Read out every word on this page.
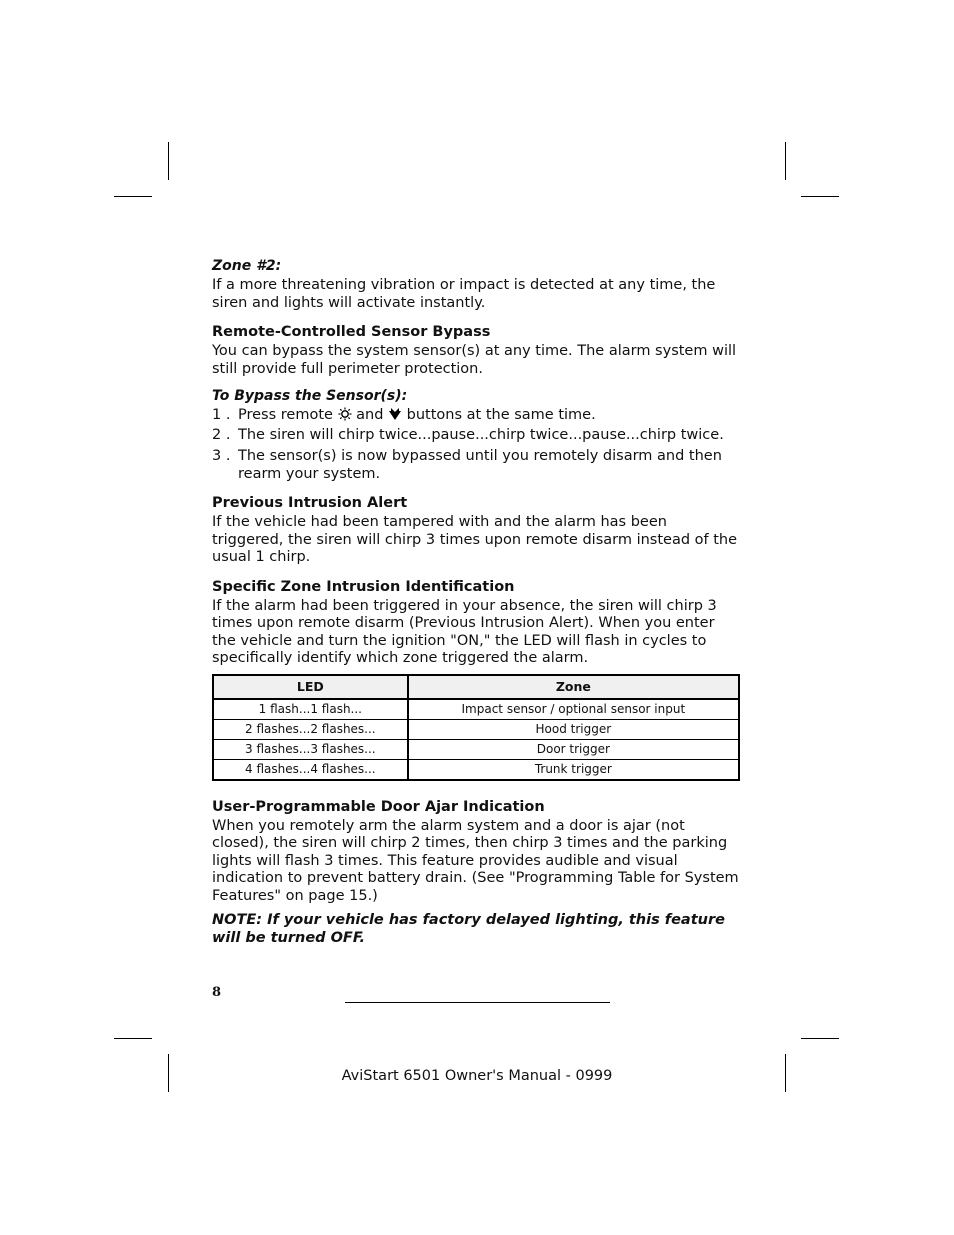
Zone #2:

If a more threatening vibration or impact is detected at any time, the siren and lights will activate instantly.

Remote-Controlled Sensor Bypass

You can bypass the system sensor(s) at any time. The alarm system will still provide full perimeter protection.

To Bypass the Sensor(s):
1 . Press remote and buttons at the same time.
2 . The siren will chirp twice...pause...chirp twice...pause...chirp twice.
3 . The sensor(s) is now bypassed until you remotely disarm and then rearm your system.
Previous Intrusion Alert

If the vehicle had been tampered with and the alarm has been triggered, the siren will chirp 3 times upon remote disarm instead of the usual 1 chirp.

Specific Zone Intrusion Identification

If the alarm had been triggered in your absence, the siren will chirp 3 times upon remote disarm (Previous Intrusion Alert). When you enter the vehicle and turn the ignition "ON," the LED will flash in cycles to specifically identify which zone triggered the alarm.

LED	Zone
1 flash...1 flash...	Impact sensor / optional sensor input
2 flashes...2 flashes...	Hood trigger
3 flashes...3 flashes...	Door trigger
4 flashes...4 flashes...	Trunk trigger
User-Programmable Door Ajar Indication

When you remotely arm the alarm system and a door is ajar (not closed), the siren will chirp 2 times, then chirp 3 times and the parking lights will flash 3 times. This feature provides audible and visual indication to prevent battery drain. (See "Programming Table for System Features" on page 15.)

NOTE: If your vehicle has factory delayed lighting, this feature will be turned OFF.

8
AviStart 6501 Owner's Manual - 0999
